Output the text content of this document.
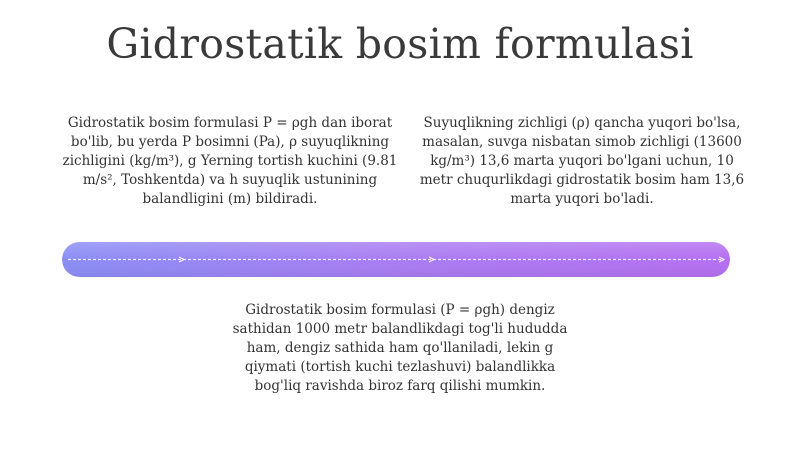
Gidrostatik bosim formulasi
Gidrostatik bosim formulasi P = ρgh dan iborat bo'lib, bu yerda P bosimni (Pa), ρ suyuqlikning zichligini (kg/m³), g Yerning tortish kuchini (9.81 m/s², Toshkentda) va h suyuqlik ustunining balandligini (m) bildiradi.
Suyuqlikning zichligi (ρ) qancha yuqori bo'lsa, masalan, suvga nisbatan simob zichligi (13600 kg/m³) 13,6 marta yuqori bo'lgani uchun, 10 metr chuqurlikdagi gidrostatik bosim ham 13,6 marta yuqori bo'ladi.
Gidrostatik bosim formulasi (P = ρgh) dengiz sathidan 1000 metr balandlikdagi tog'li hududda ham, dengiz sathida ham qo'llaniladi, lekin g qiymati (tortish kuchi tezlashuvi) balandlikka bog'liq ravishda biroz farq qilishi mumkin.
